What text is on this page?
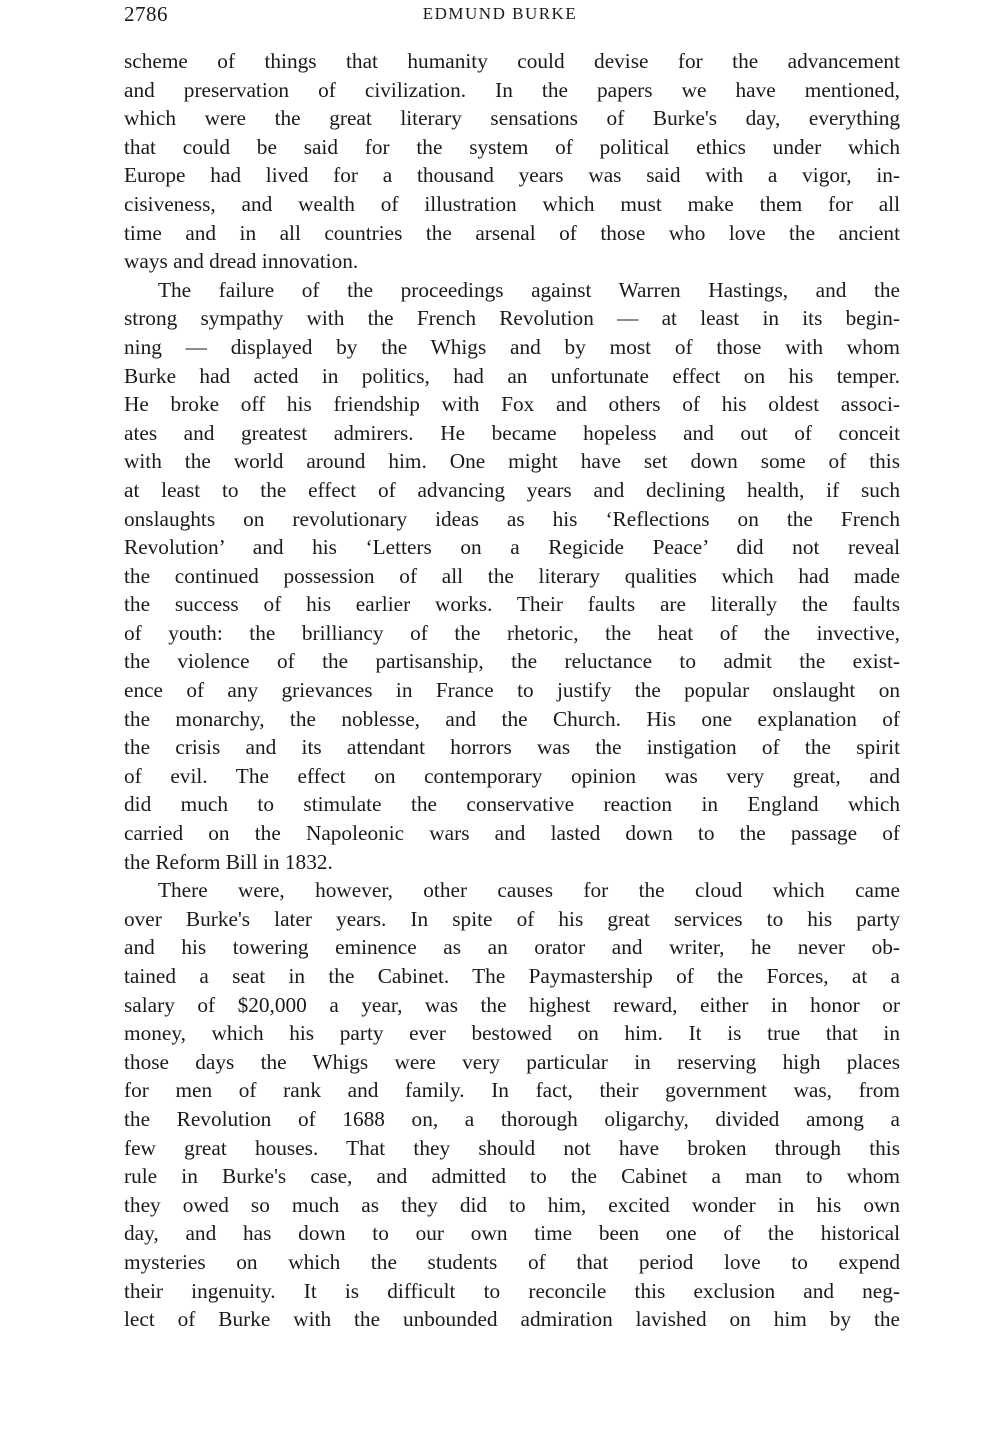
2786	EDMUND BURKE
scheme of things that humanity could devise for the advancement
and preservation of civilization. In the papers we have mentioned,
which were the great literary sensations of Burke's day, everything
that could be said for the system of political ethics under which
Europe had lived for a thousand years was said with a vigor, in-
cisiveness, and wealth of illustration which must make them for all
time and in all countries the arsenal of those who love the ancient
ways and dread innovation.
The failure of the proceedings against Warren Hastings, and the
strong sympathy with the French Revolution — at least in its begin-
ning — displayed by the Whigs and by most of those with whom
Burke had acted in politics, had an unfortunate effect on his temper.
He broke off his friendship with Fox and others of his oldest associ-
ates and greatest admirers. He became hopeless and out of conceit
with the world around him. One might have set down some of this
at least to the effect of advancing years and declining health, if such
onslaughts on revolutionary ideas as his ‘Reflections on the French
Revolution’ and his ‘Letters on a Regicide Peace’ did not reveal
the continued possession of all the literary qualities which had made
the success of his earlier works. Their faults are literally the faults
of youth: the brilliancy of the rhetoric, the heat of the invective,
the violence of the partisanship, the reluctance to admit the exist-
ence of any grievances in France to justify the popular onslaught on
the monarchy, the noblesse, and the Church. His one explanation of
the crisis and its attendant horrors was the instigation of the spirit
of evil. The effect on contemporary opinion was very great, and
did much to stimulate the conservative reaction in England which
carried on the Napoleonic wars and lasted down to the passage of
the Reform Bill in 1832.
There were, however, other causes for the cloud which came
over Burke's later years. In spite of his great services to his party
and his towering eminence as an orator and writer, he never ob-
tained a seat in the Cabinet. The Paymastership of the Forces, at a
salary of $20,000 a year, was the highest reward, either in honor or
money, which his party ever bestowed on him. It is true that in
those days the Whigs were very particular in reserving high places
for men of rank and family. In fact, their government was, from
the Revolution of 1688 on, a thorough oligarchy, divided among a
few great houses. That they should not have broken through this
rule in Burke's case, and admitted to the Cabinet a man to whom
they owed so much as they did to him, excited wonder in his own
day, and has down to our own time been one of the historical
mysteries on which the students of that period love to expend
their ingenuity. It is difficult to reconcile this exclusion and neg-
lect of Burke with the unbounded admiration lavished on him by the
